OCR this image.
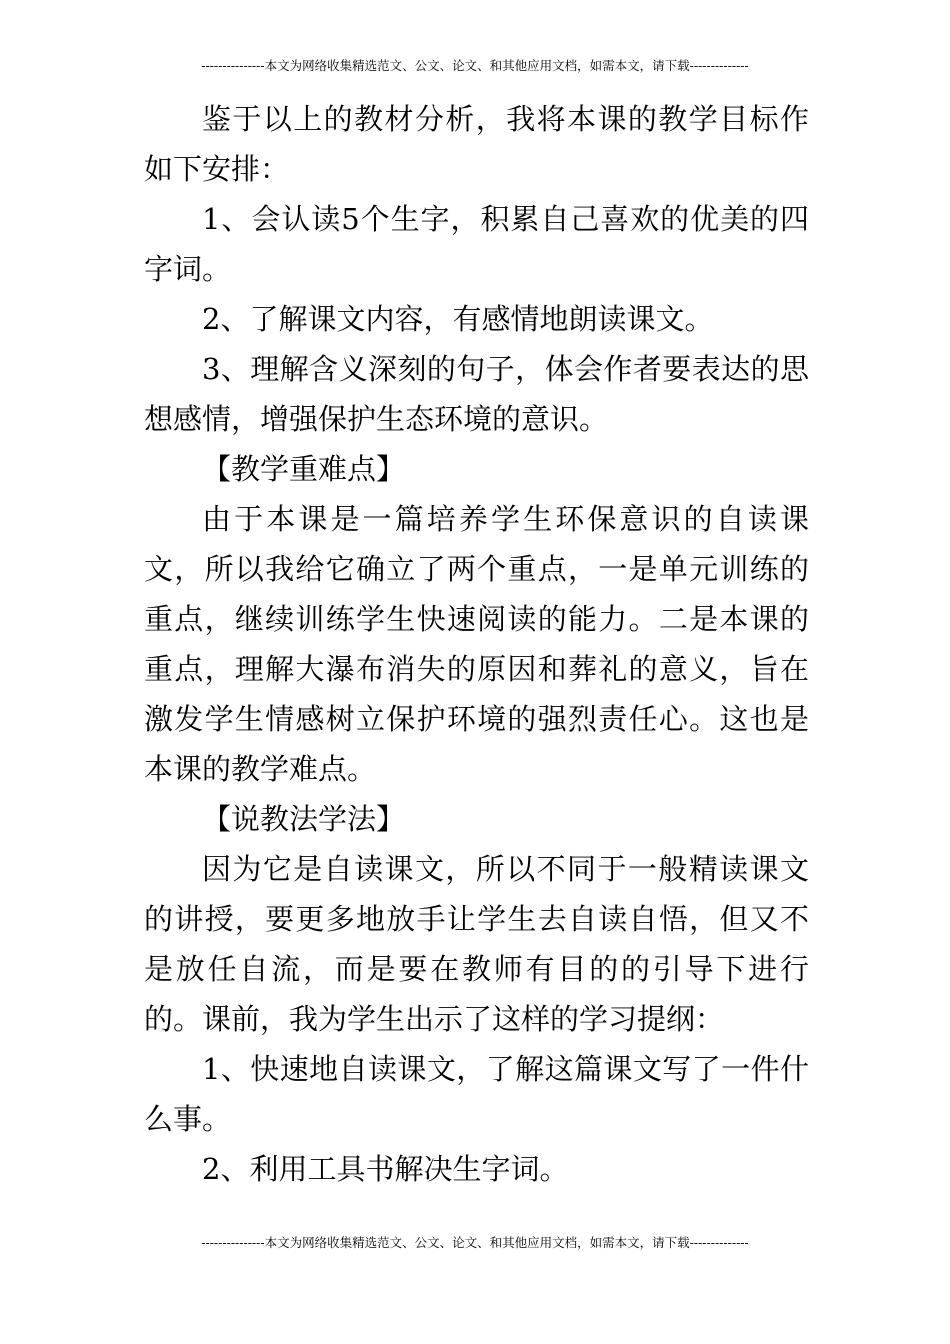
---------------本文为网络收集精选范文、公文、论文、和其他应用文档，如需本文，请下载--------------

鉴于以上的教材分析，我将本课的教学目标作如下安排：

1、会认读5个生字，积累自己喜欢的优美的四字词。

2、了解课文内容，有感情地朗读课文。

3、理解含义深刻的句子，体会作者要表达的思想感情，增强保护生态环境的意识。

【教学重难点】

由于本课是一篇培养学生环保意识的自读课文，所以我给它确立了两个重点，一是单元训练的重点，继续训练学生快速阅读的能力。二是本课的重点，理解大瀑布消失的原因和葬礼的意义，旨在激发学生情感树立保护环境的强烈责任心。这也是本课的教学难点。

【说教法学法】

因为它是自读课文，所以不同于一般精读课文的讲授，要更多地放手让学生去自读自悟，但又不是放任自流，而是要在教师有目的的引导下进行的。课前，我为学生出示了这样的学习提纲：

1、快速地自读课文，了解这篇课文写了一件什么事。

2、利用工具书解决生字词。

---------------本文为网络收集精选范文、公文、论文、和其他应用文档，如需本文，请下载--------------
